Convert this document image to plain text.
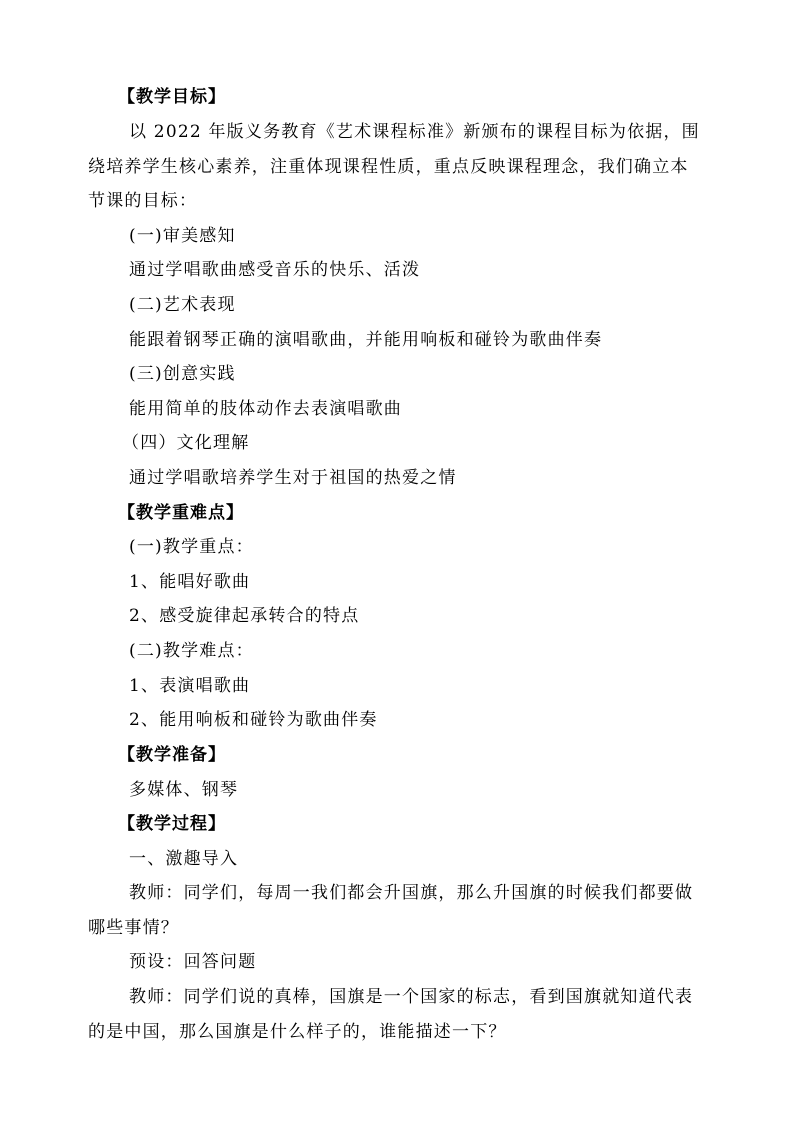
【教学目标】
以 2022 年版义务教育《艺术课程标准》新颁布的课程目标为依据，围
绕培养学生核心素养，注重体现课程性质，重点反映课程理念，我们确立本
节课的目标：
(一)审美感知
通过学唱歌曲感受音乐的快乐、活泼
(二)艺术表现
能跟着钢琴正确的演唱歌曲，并能用响板和碰铃为歌曲伴奏
(三)创意实践
能用简单的肢体动作去表演唱歌曲
（四）文化理解
通过学唱歌培养学生对于祖国的热爱之情
【教学重难点】
(一)教学重点：
1、能唱好歌曲
2、感受旋律起承转合的特点
(二)教学难点：
1、表演唱歌曲
2、能用响板和碰铃为歌曲伴奏
【教学准备】
多媒体、钢琴
【教学过程】
一、激趣导入
教师：同学们，每周一我们都会升国旗，那么升国旗的时候我们都要做
哪些事情？
预设：回答问题
教师：同学们说的真棒，国旗是一个国家的标志，看到国旗就知道代表
的是中国，那么国旗是什么样子的，谁能描述一下？
